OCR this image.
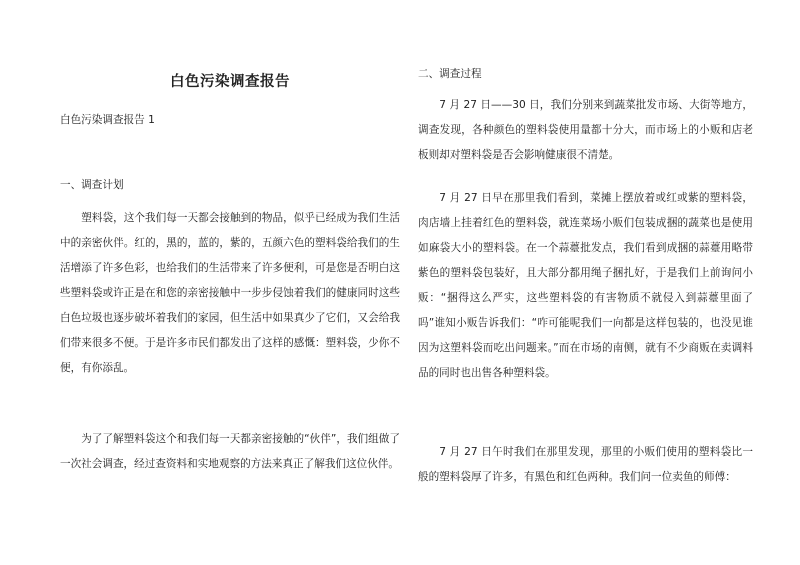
白色污染调查报告

白色污染调查报告 1

一、调查计划

塑料袋，这个我们每一天都会接触到的物品，似乎已经成为我们生活中的亲密伙伴。红的，黑的，蓝的，紫的，五颜六色的塑料袋给我们的生活增添了许多色彩，也给我们的生活带来了许多便利，可是您是否明白这些塑料袋或许正是在和您的亲密接触中一步步侵蚀着我们的健康同时这些白色垃圾也逐步破坏着我们的家园，但生活中如果真少了它们，又会给我们带来很多不便。于是许多市民们都发出了这样的感慨：塑料袋，少你不便，有你添乱。

为了了解塑料袋这个和我们每一天都亲密接触的“伙伴”，我们组做了一次社会调查，经过查资料和实地观察的方法来真正了解我们这位伙伴。

二、调查过程

7 月 27 日——30 日，我们分别来到蔬菜批发市场、大街等地方，调查发现，各种颜色的塑料袋使用量都十分大，而市场上的小贩和店老板则却对塑料袋是否会影响健康很不清楚。

7 月 27 日早在那里我们看到，菜摊上摆放着或红或紫的塑料袋，肉店墙上挂着红色的塑料袋，就连菜场小贩们包装成捆的蔬菜也是使用如麻袋大小的塑料袋。在一个蒜薹批发点，我们看到成捆的蒜薹用略带紫色的塑料袋包装好，且大部分都用绳子捆扎好，于是我们上前询问小贩：“捆得这么严实，这些塑料袋的有害物质不就侵入到蒜薹里面了吗”谁知小贩告诉我们：“咋可能呢我们一向都是这样包装的，也没见谁因为这塑料袋而吃出问题来。”而在市场的南侧，就有不少商贩在卖调料品的同时也出售各种塑料袋。

7 月 27 日午时我们在那里发现，那里的小贩们使用的塑料袋比一般的塑料袋厚了许多，有黑色和红色两种。我们问一位卖鱼的师傅：
